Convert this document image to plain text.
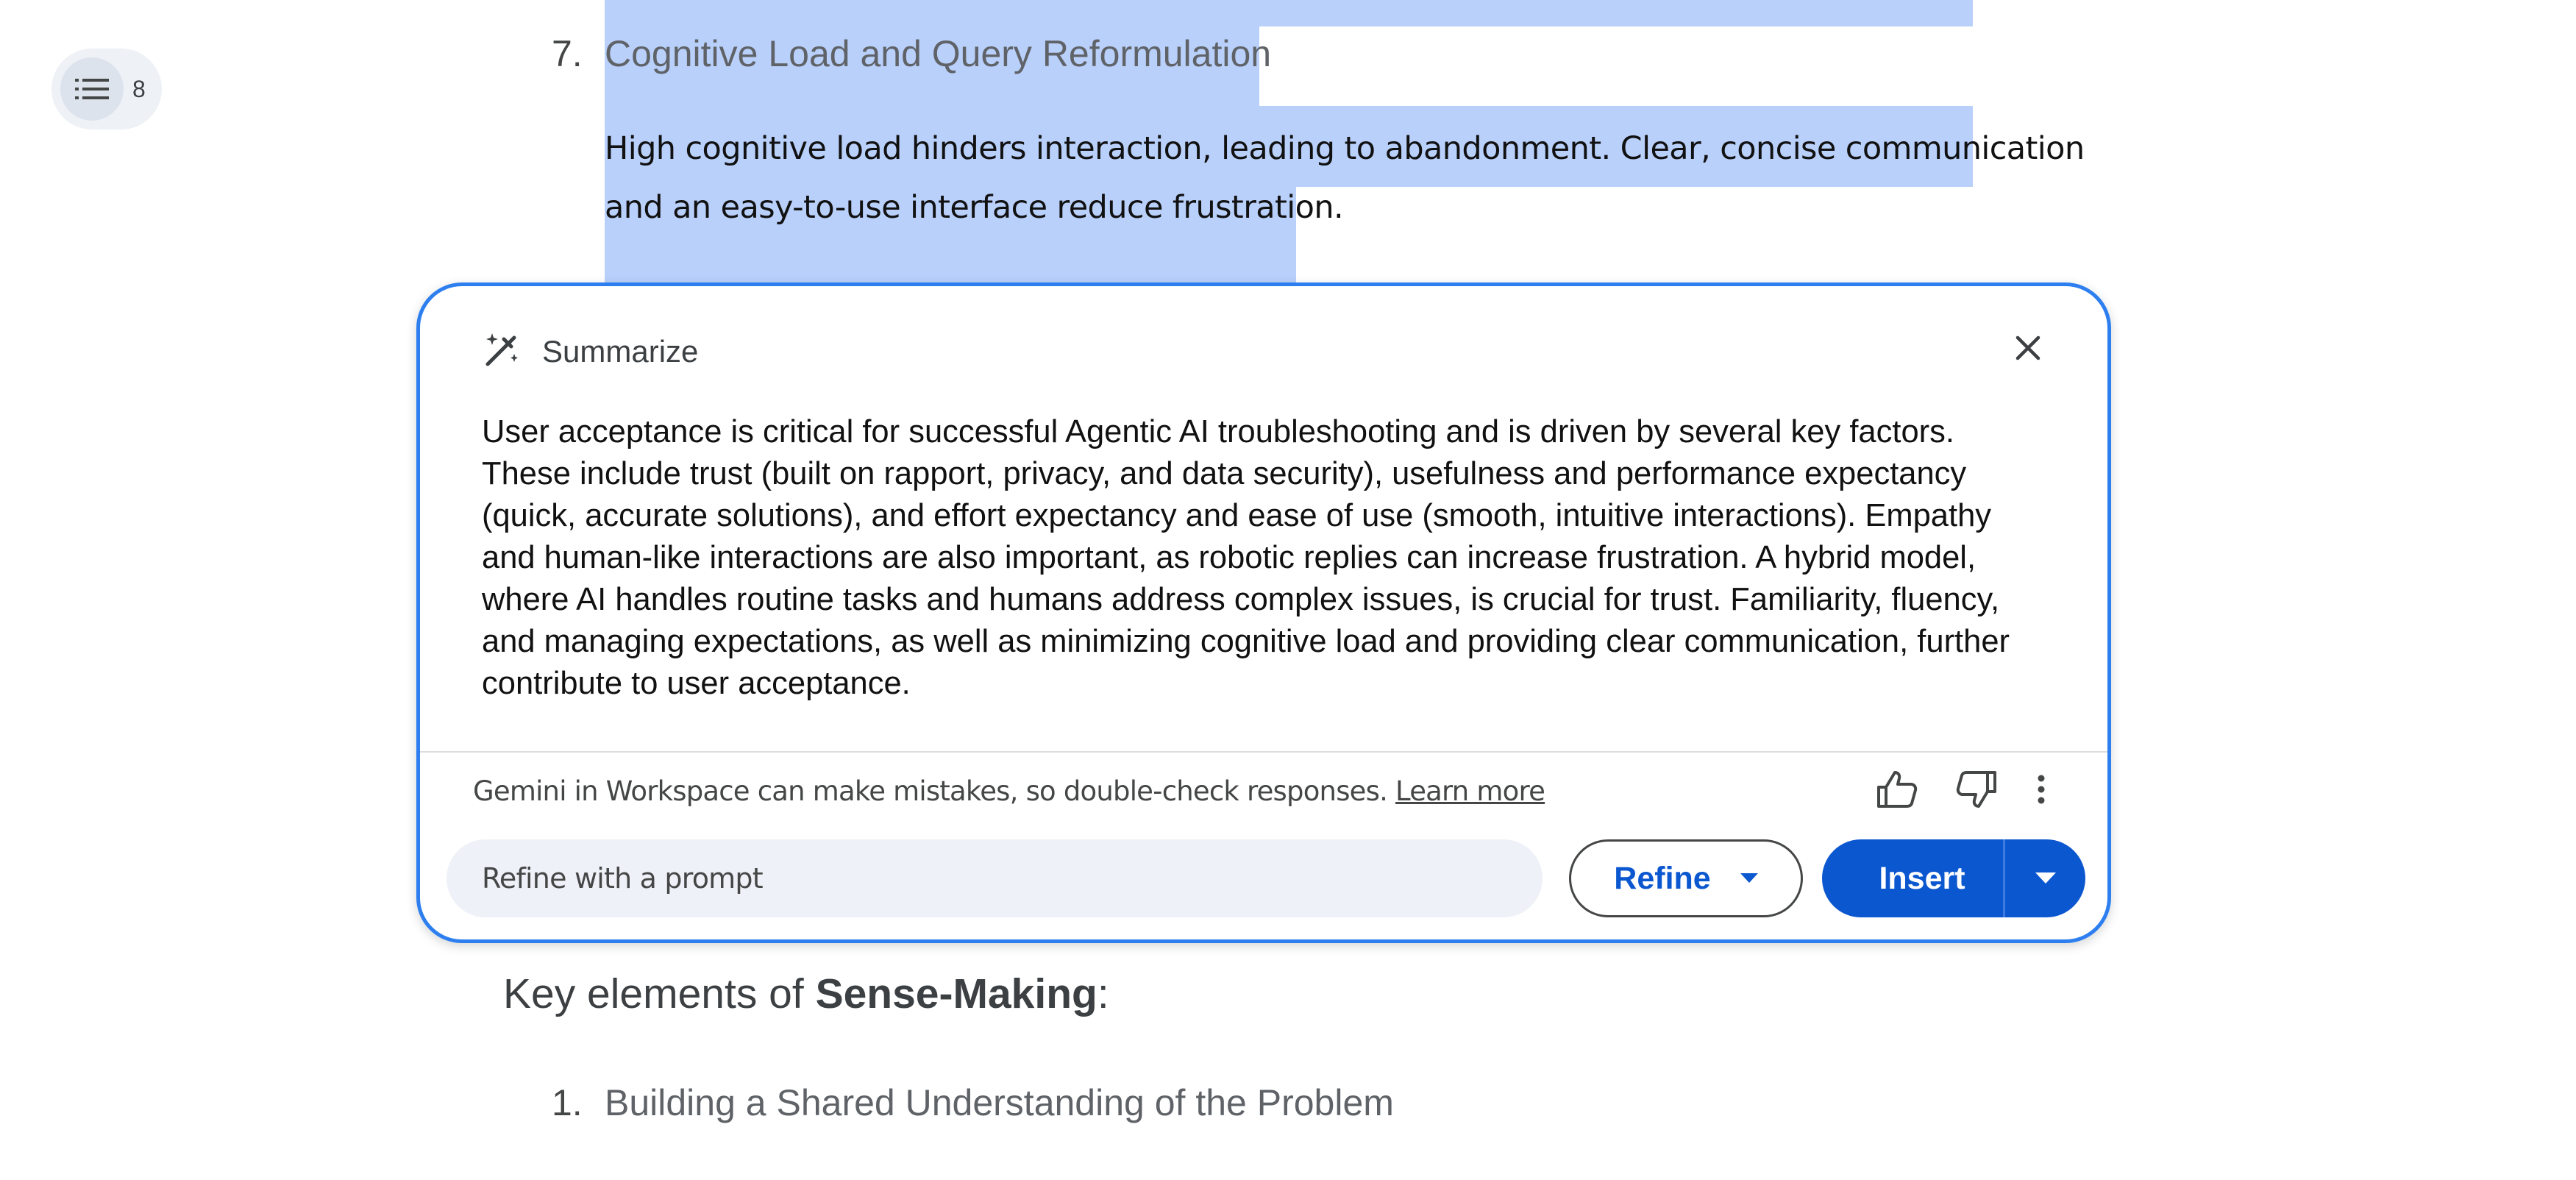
8
7. Cognitive Load and Query Reformulation
High cognitive load hinders interaction, leading to abandonment. Clear, concise communication
and an easy-to-use interface reduce frustration.
Summarize
User acceptance is critical for successful Agentic AI troubleshooting and is driven by several key factors. These include trust (built on rapport, privacy, and data security), usefulness and performance expectancy (quick, accurate solutions), and effort expectancy and ease of use (smooth, intuitive interactions). Empathy and human-like interactions are also important, as robotic replies can increase frustration. A hybrid model, where AI handles routine tasks and humans address complex issues, is crucial for trust. Familiarity, fluency, and managing expectations, as well as minimizing cognitive load and providing clear communication, further contribute to user acceptance.
Gemini in Workspace can make mistakes, so double-check responses. Learn more
Refine with a prompt
Refine	Insert
Key elements of Sense-Making:
1. Building a Shared Understanding of the Problem
